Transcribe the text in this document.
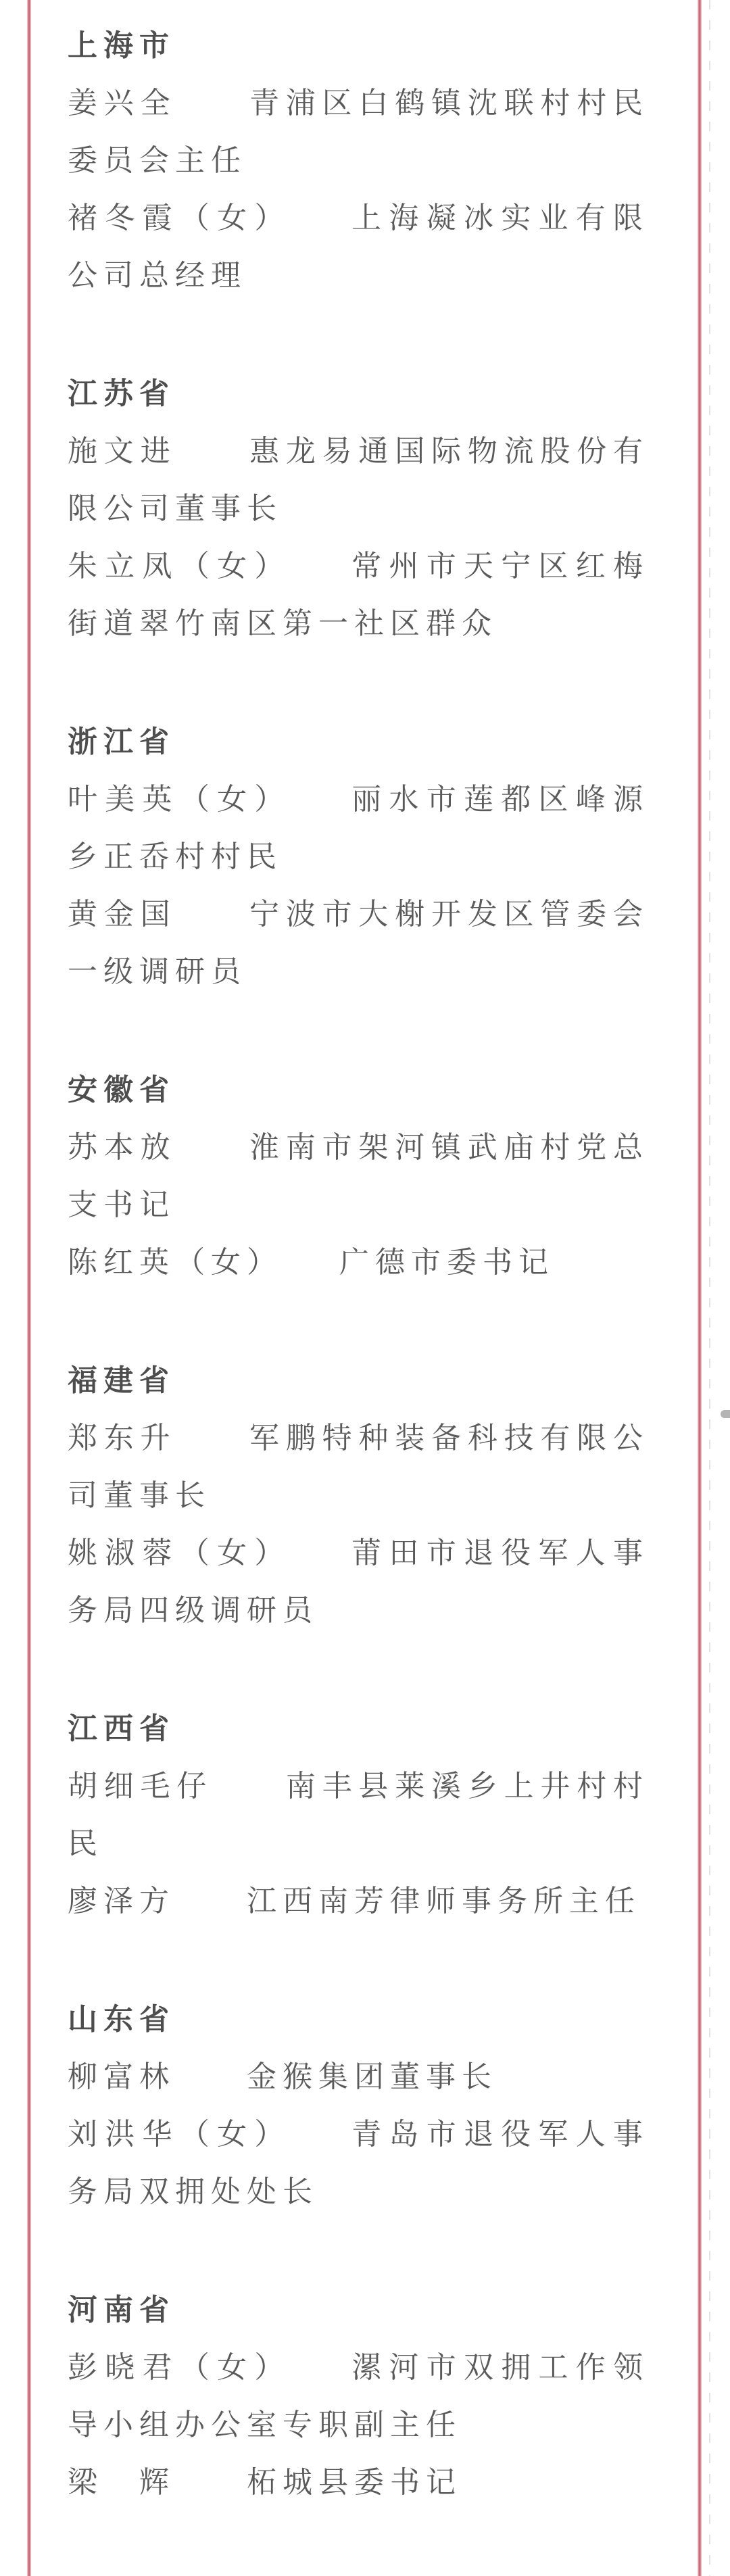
上海市

姜兴全　　 青浦区白鹤镇沈联村村民委员会主任

褚冬霞（女）　　	上海凝冰实业有限公司总经理

江苏省

施文进　　 惠龙易通国际物流股份有限公司董事长

朱立凤（女）　　	常州市天宁区红梅街道翠竹南区第一社区群众

浙江省

叶美英（女）　　	丽水市莲都区峰源乡正岙村村民

黄金国　　 宁波市大榭开发区管委会一级调研员

安徽省

苏本放　　 淮南市架河镇武庙村党总支书记

陈红英（女）　　 广德市委书记

福建省

郑东升　　 军鹏特种装备科技有限公司董事长

姚淑蓉（女）　　	莆田市退役军人事务局四级调研员

江西省

胡细毛仔　　 南丰县莱溪乡上井村村民

廖泽方　　 江西南芳律师事务所主任

山东省

柳富林　　 金猴集团董事长

刘洪华（女）　　	青岛市退役军人事务局双拥处处长

河南省

彭晓君（女）　　	漯河市双拥工作领导小组办公室专职副主任

梁　辉　　 柘城县委书记
